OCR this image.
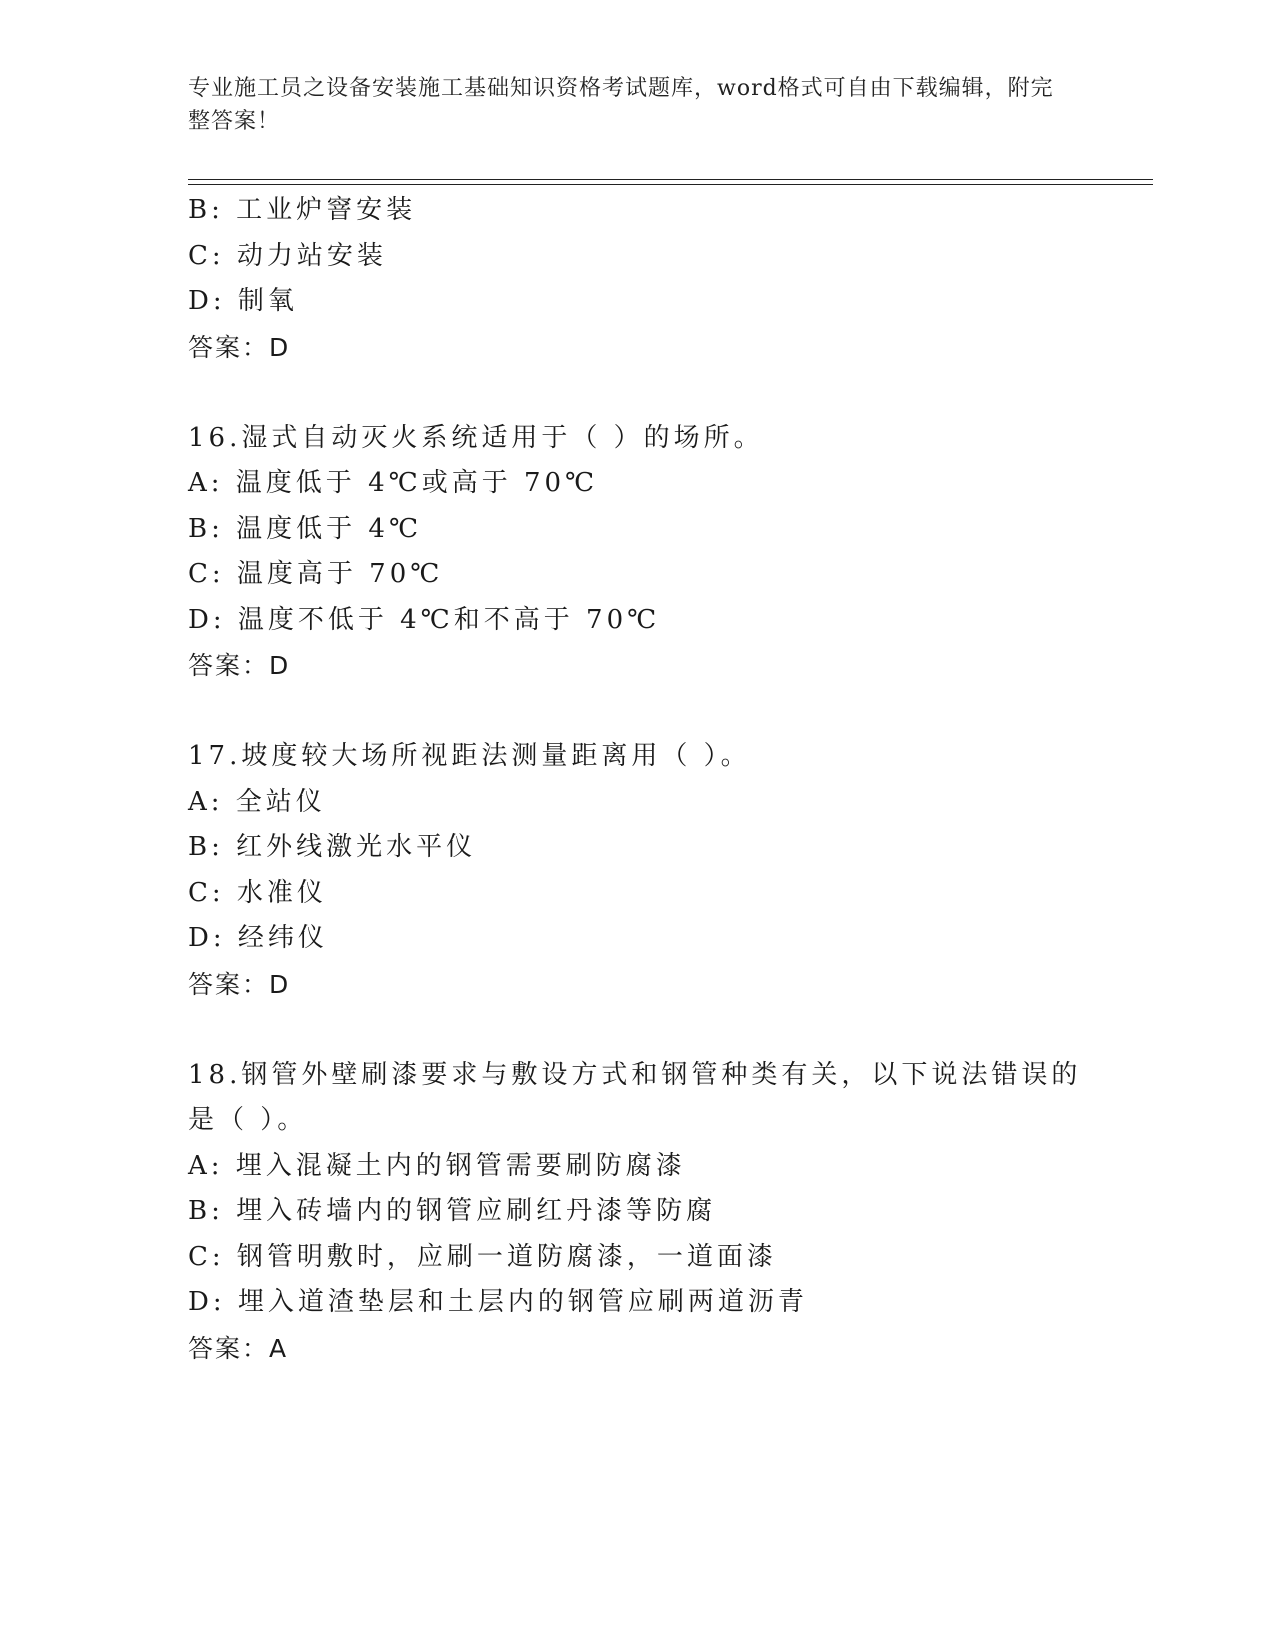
专业施工员之设备安装施工基础知识资格考试题库，word格式可自由下载编辑，附完整答案！
B: 工业炉窨安装
C: 动力站安装
D: 制氧
答案：D
16.湿式自动灭火系统适用于（ ）的场所。
A: 温度低于 4℃或高于 70℃
B: 温度低于 4℃
C: 温度高于 70℃
D: 温度不低于 4℃和不高于 70℃
答案：D
17.坡度较大场所视距法测量距离用（ ）。
A: 全站仪
B: 红外线激光水平仪
C: 水准仪
D: 经纬仪
答案：D
18.钢管外壁刷漆要求与敷设方式和钢管种类有关，以下说法错误的是（ ）。
A: 埋入混凝土内的钢管需要刷防腐漆
B: 埋入砖墙内的钢管应刷红丹漆等防腐
C: 钢管明敷时，应刷一道防腐漆，一道面漆
D: 埋入道渣垫层和土层内的钢管应刷两道沥青
答案：A
